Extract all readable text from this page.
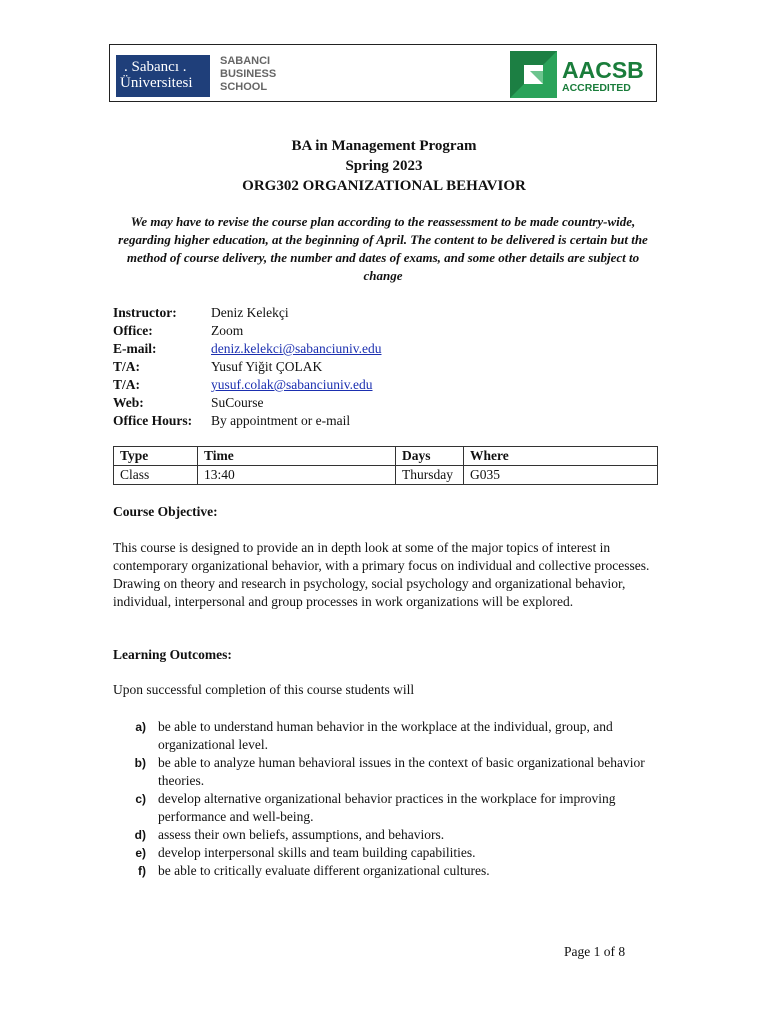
. Sabancı .
Üniversitesi
SABANCI
BUSINESS
SCHOOL
AACSB
ACCREDITED
BA in Management Program
Spring 2023
ORG302 ORGANIZATIONAL BEHAVIOR
We may have to revise the course plan according to the reassessment to be made country-wide, regarding higher education, at the beginning of April. The content to be delivered is certain but the method of course delivery, the number and dates of exams, and some other details are subject to change
Instructor:	Deniz Kelekçi
Office:	Zoom
E-mail:	deniz.kelekci@sabanciuniv.edu
T/A:	Yusuf Yiğit ÇOLAK
T/A:	yusuf.colak@sabanciuniv.edu
Web:	SuCourse
Office Hours:	By appointment or e-mail
Type	Time	Days	Where
Class	13:40	Thursday	G035
Course Objective:
This course is designed to provide an in depth look at some of the major topics of interest in contemporary organizational behavior, with a primary focus on individual and collective processes. Drawing on theory and research in psychology, social psychology and organizational behavior, individual, interpersonal and group processes in work organizations will be explored.
Learning Outcomes:
Upon successful completion of this course students will
a) be able to understand human behavior in the workplace at the individual, group, and organizational level.
b) be able to analyze human behavioral issues in the context of basic organizational behavior theories.
c) develop alternative organizational behavior practices in the workplace for improving performance and well-being.
d) assess their own beliefs, assumptions, and behaviors.
e) develop interpersonal skills and team building capabilities.
f) be able to critically evaluate different organizational cultures.
Page 1 of 8
